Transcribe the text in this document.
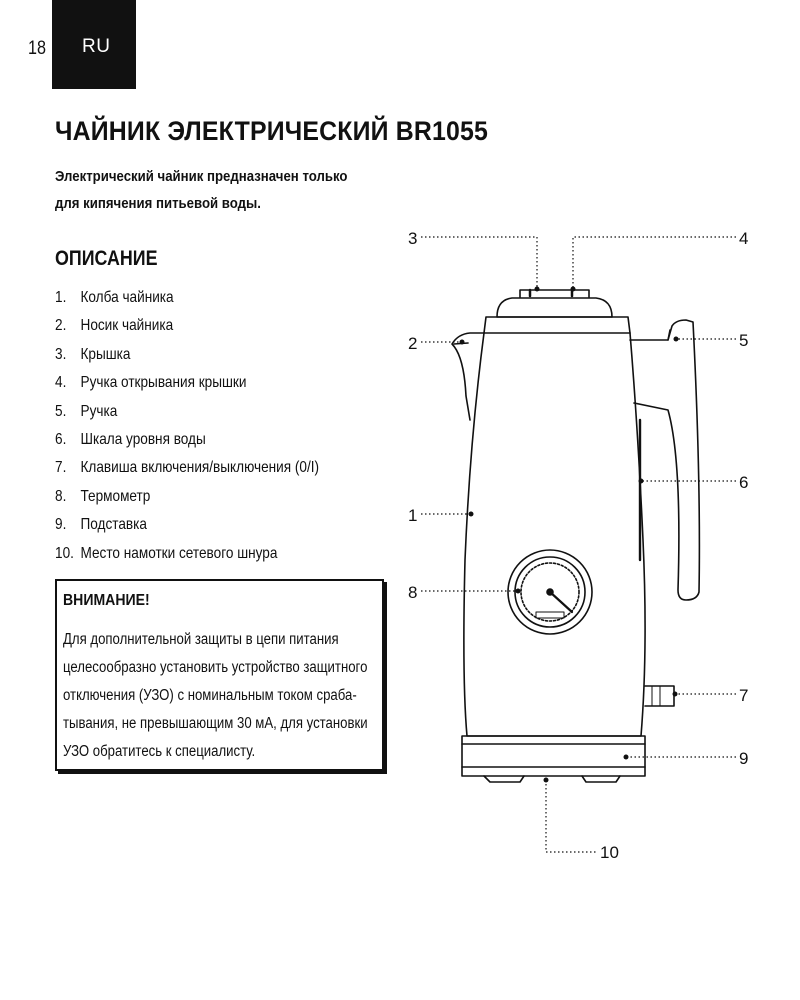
18 RU
ЧАЙНИК ЭЛЕКТРИЧЕСКИЙ BR1055
Электрический чайник предназначен только
для кипячения питьевой воды.
ОПИСАНИЕ
1. Колба чайника
2. Носик чайника
3. Крышка
4. Ручка открывания крышки
5. Ручка
6. Шкала уровня воды
7. Клавиша включения/выключения (0/I)
8. Термометр
9. Подставка
10. Место намотки сетевого шнура
ВНИМАНИЕ!
Для дополнительной защиты в цепи питания
целесообразно установить устройство защитного
отключения (УЗО) с номинальным током сраба-
тывания, не превышающим 30 мА, для установки
УЗО обратитесь к специалисту.
3	4
2	5
1
6
8
7
9
10
